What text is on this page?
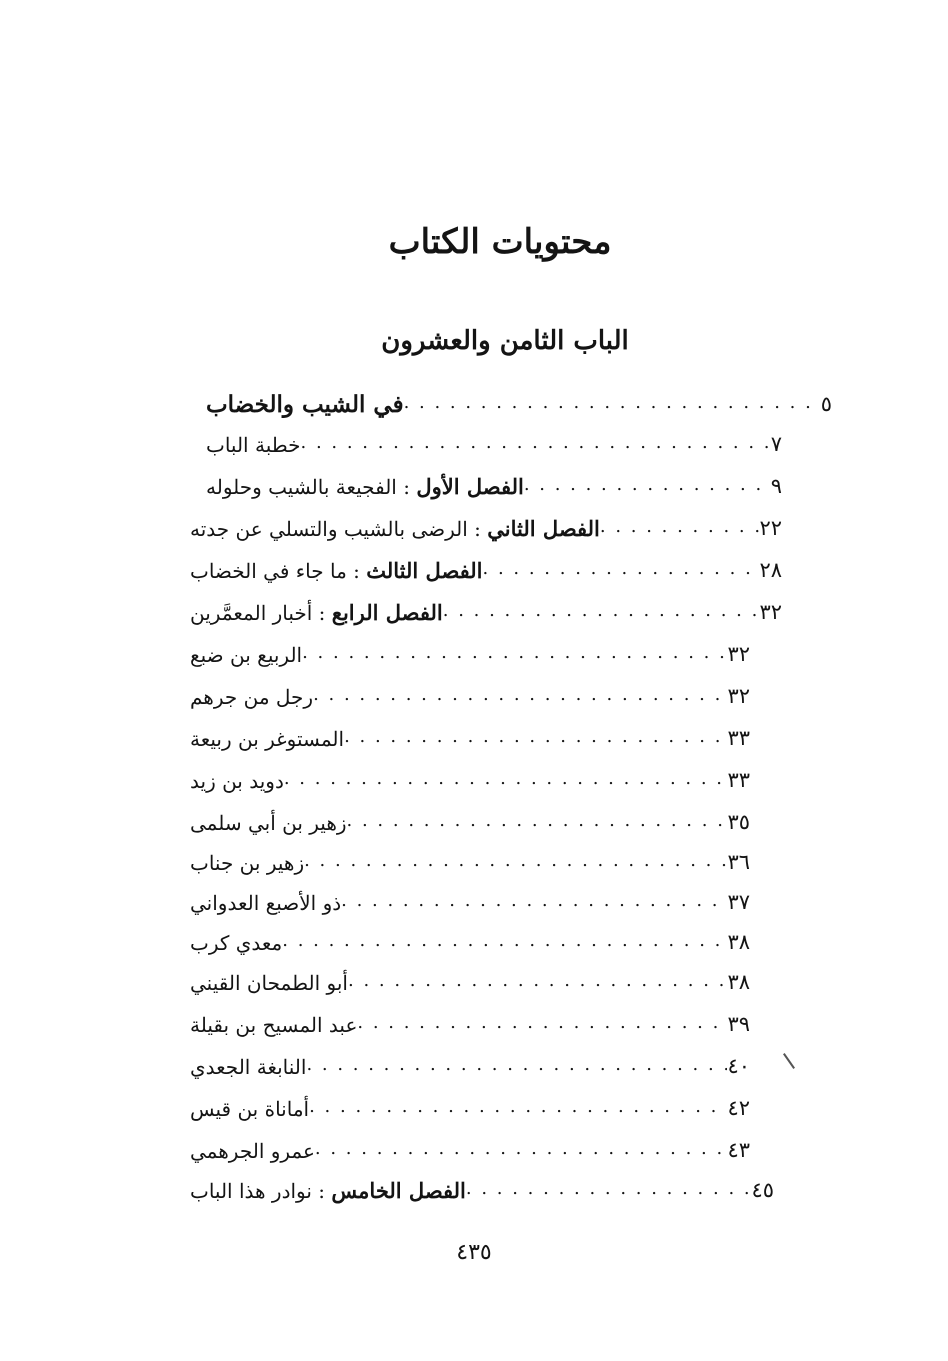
محتويات الكتاب
الباب الثامن والعشرون
في الشيب والخضاب . . .	٥
خطبة الباب . . .	٧
الفصل الأول : الفجيعة بالشيب وحلوله . . .	٩
الفصل الثاني : الرضى بالشيب والتسلي عن جدته . . .	٢٢
الفصل الثالث : ما جاء في الخضاب . . .	٢٨
الفصل الرابع : أخبار المعمَّرين . . .	٣٢
الربيع بن ضبع . . .	٣٢
رجل من جرهم . . .	٣٢
المستوغر بن ربيعة . . .	٣٣
دويد بن زيد . . .	٣٣
زهير بن أبي سلمى . . .	٣٥
زهير بن جناب . . .	٣٦
ذو الأصبع العدواني . . .	٣٧
معدي كرب . . .	٣٨
أبو الطمحان القيني . . .	٣٨
عبد المسيح بن بقيلة . . .	٣٩
النابغة الجعدي . . .	٤٠
أماناة بن قيس . . .	٤٢
عمرو الجرهمي . . .	٤٣
الفصل الخامس : نوادر هذا الباب . . .	٤٥
٤٣٥
